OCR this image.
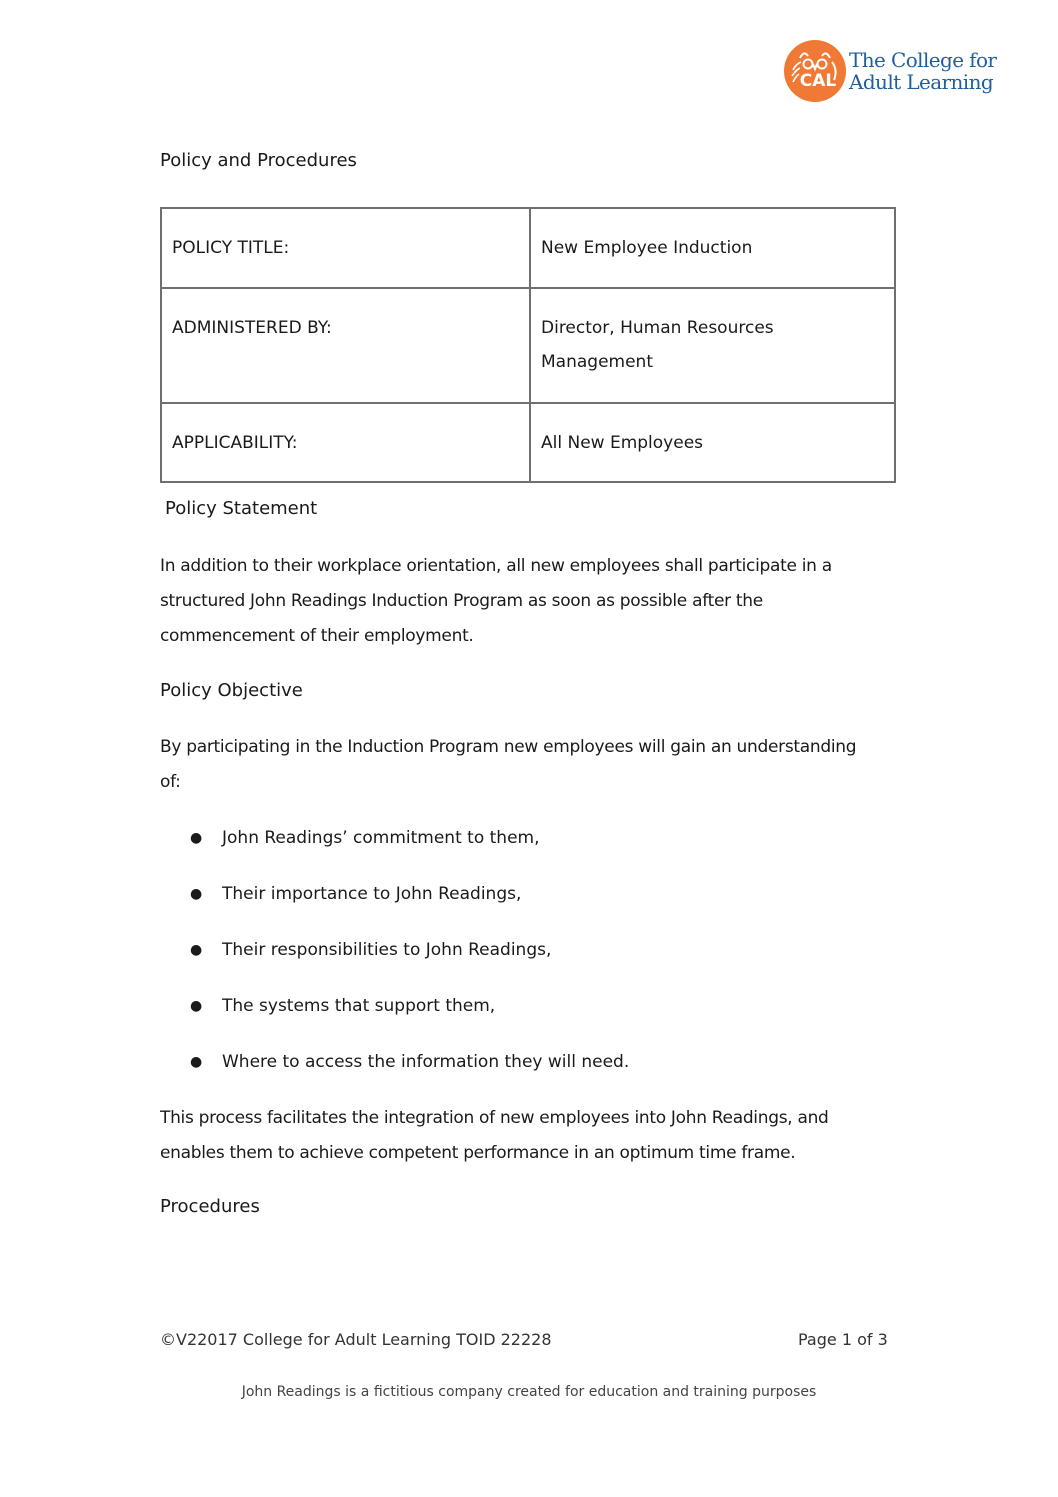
CAL
The College for
Adult Learning
Policy and Procedures
POLICY TITLE:	New Employee Induction
ADMINISTERED BY:	Director, Human Resources
Management

APPLICABILITY:	All New Employees
Policy Statement
In addition to their workplace orientation, all new employees shall participate in a
structured John Readings Induction Program as soon as possible after the
commencement of their employment.
Policy Objective
By participating in the Induction Program new employees will gain an understanding
of:
●	John Readings’ commitment to them,
●	Their importance to John Readings,
●	Their responsibilities to John Readings,
●	The systems that support them,
●	Where to access the information they will need.
This process facilitates the integration of new employees into John Readings, and
enables them to achieve competent performance in an optimum time frame.
Procedures
©V22017 College for Adult Learning TOID 22228	Page 1 of 3
John Readings is a fictitious company created for education and training purposes
